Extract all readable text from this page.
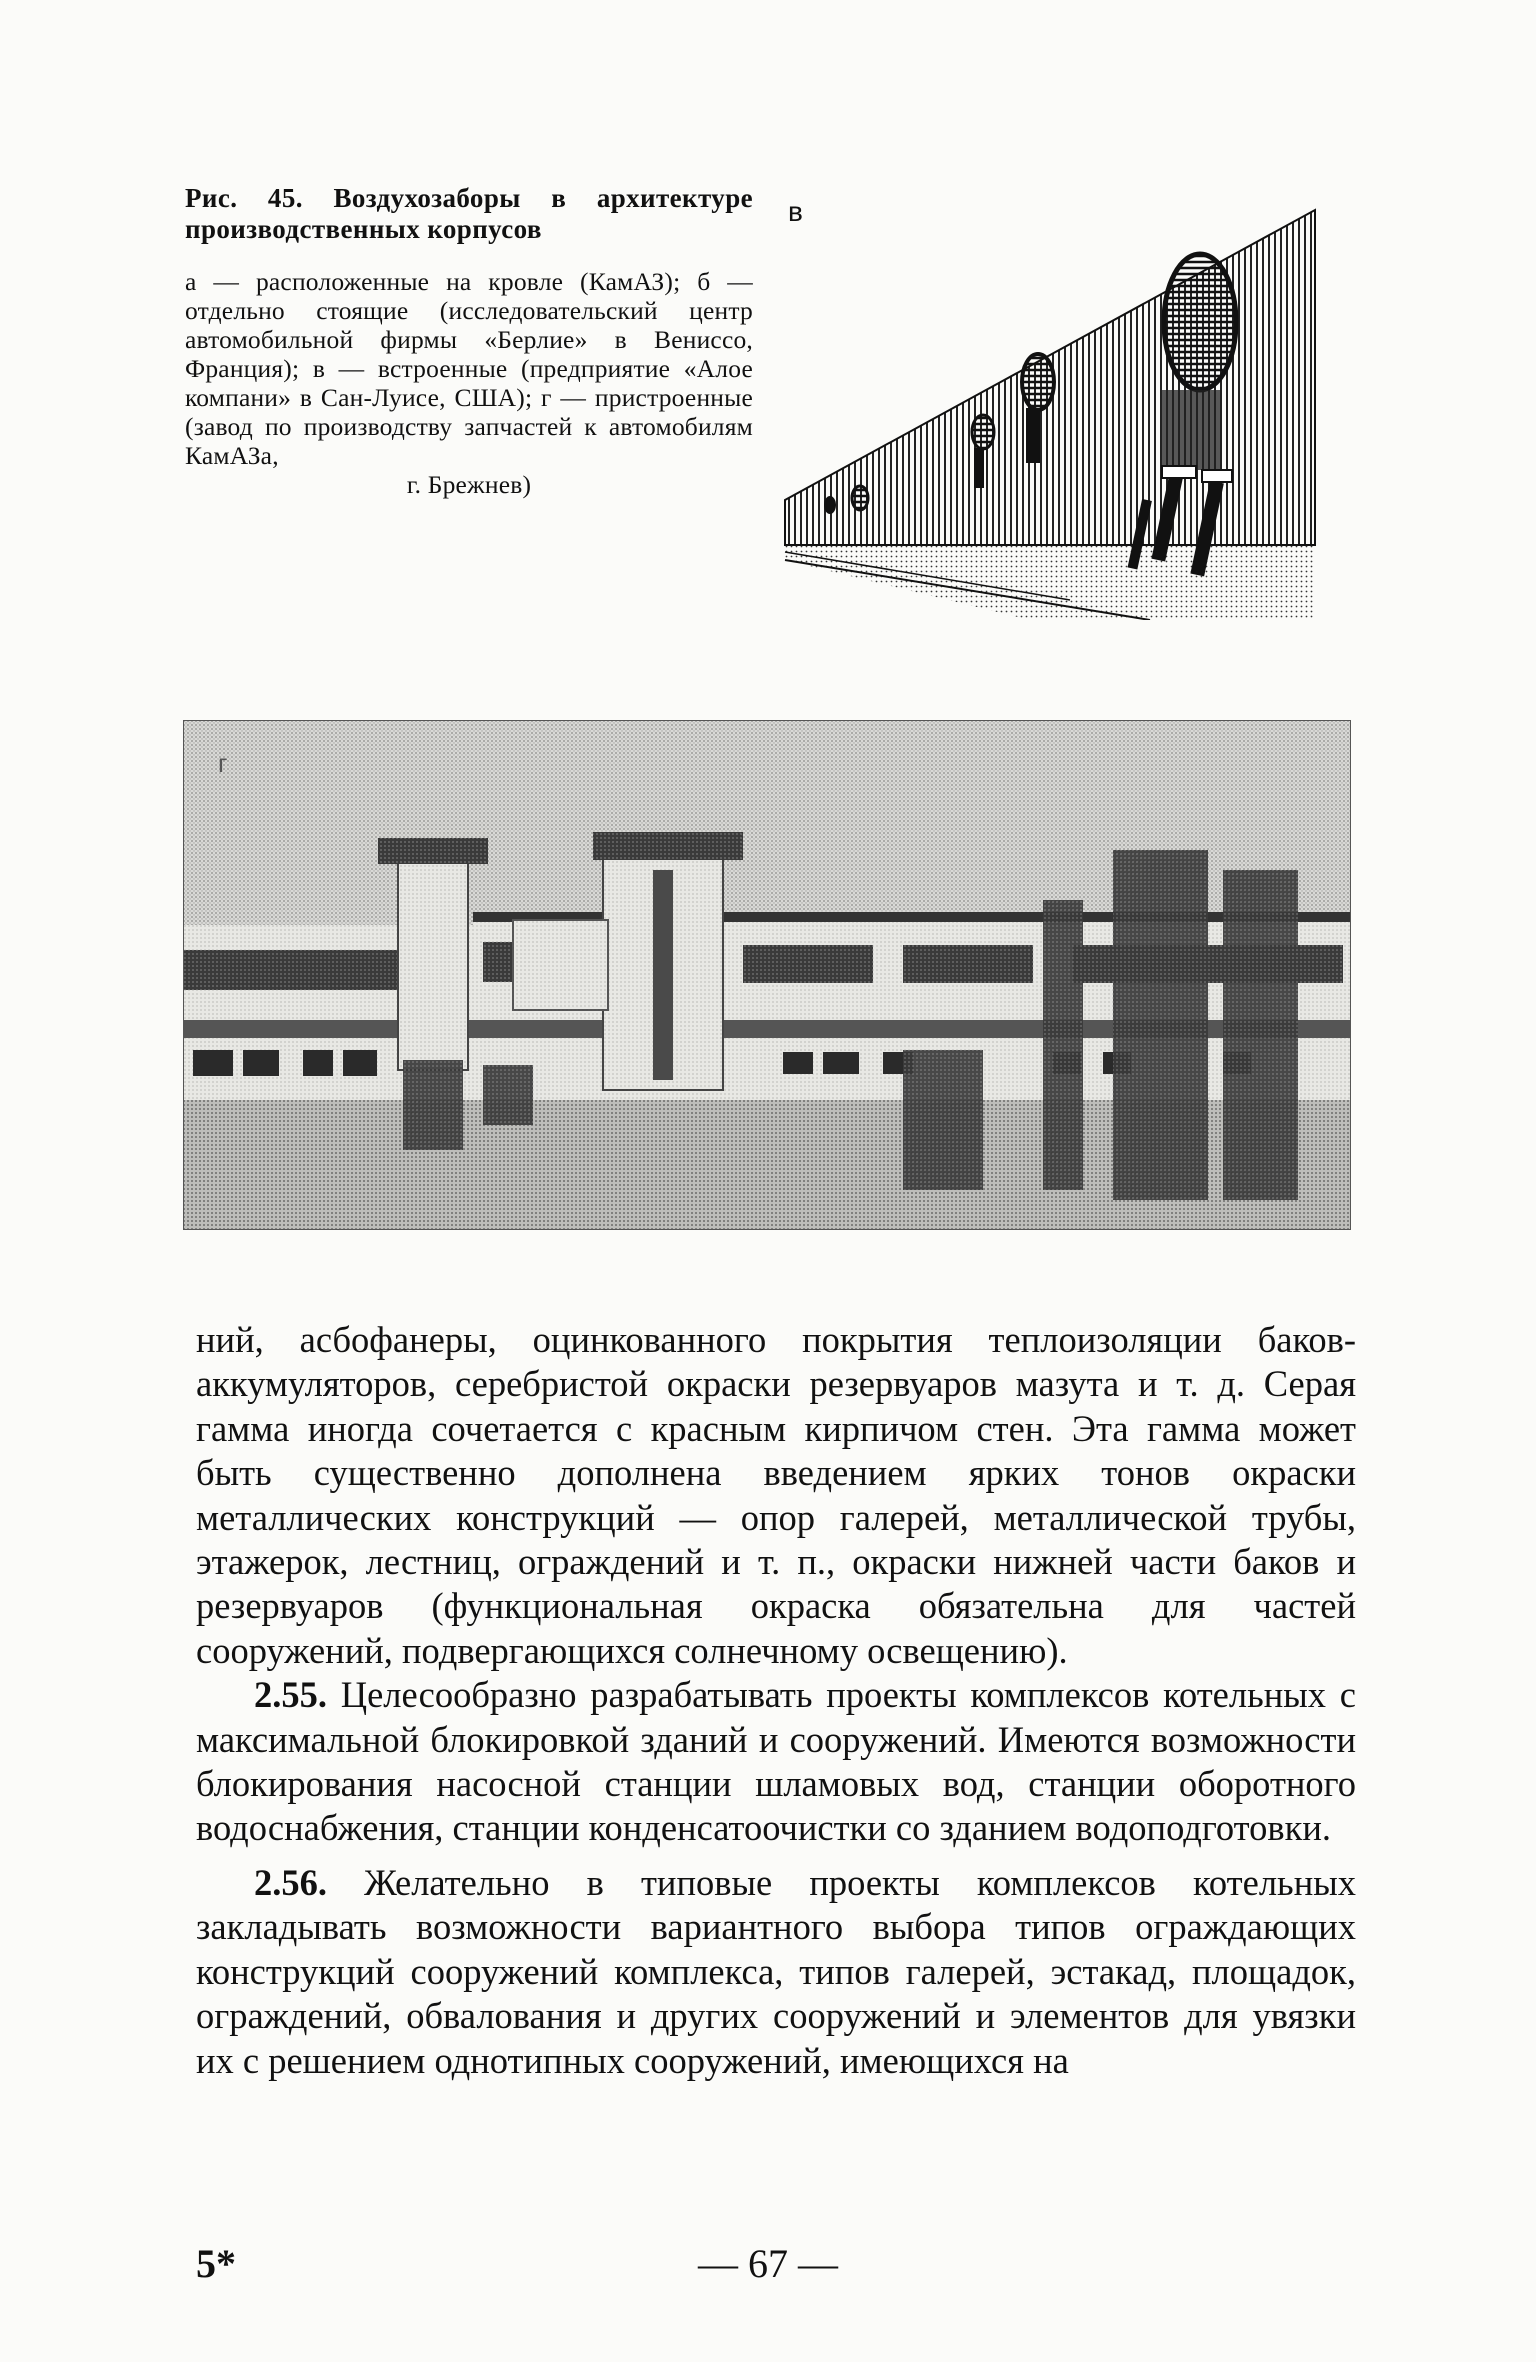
Рис. 45. Воздухозаборы в архитектуре производственных корпусов
а — расположенные на кровле (КамАЗ); б — отдельно стоящие (исследовательский центр автомобильной фирмы «Берлие» в Венисcо, Франция); в — встроенные (предприятие «Алое компани» в Сан-Луисе, США); г — пристроенные (завод по производству запчастей к автомобилям КамАЗа,
г. Брежнев)
в
г

ний, асбофанеры, оцинкованного покрытия теплоизоляции баков-аккумуляторов, серебристой окраски резервуаров мазута и т. д. Серая гамма иногда сочетается с красным кирпичом стен. Эта гамма может быть существенно дополнена введением ярких тонов окраски металлических конструкций — опор галерей, металлической трубы, этажерок, лестниц, ограждений и т. п., окраски нижней части баков и резервуаров (функциональная окраска обязательна для частей сооружений, подвергающихся солнечному освещению).

2.55. Целесообразно разрабатывать проекты комплексов котельных с максимальной блокировкой зданий и сооружений. Имеются возможности блокирования насосной станции шламовых вод, станции оборотного водоснабжения, станции конденсатоочистки со зданием водоподготовки.

2.56. Желательно в типовые проекты комплексов котельных закладывать возможности вариантного выбора типов ограждающих конструкций сооружений комплекса, типов галерей, эстакад, площадок, ограждений, обвалования и других сооружений и элементов для увязки их с решением однотипных сооружений, имеющихся на

5*	— 67 —
